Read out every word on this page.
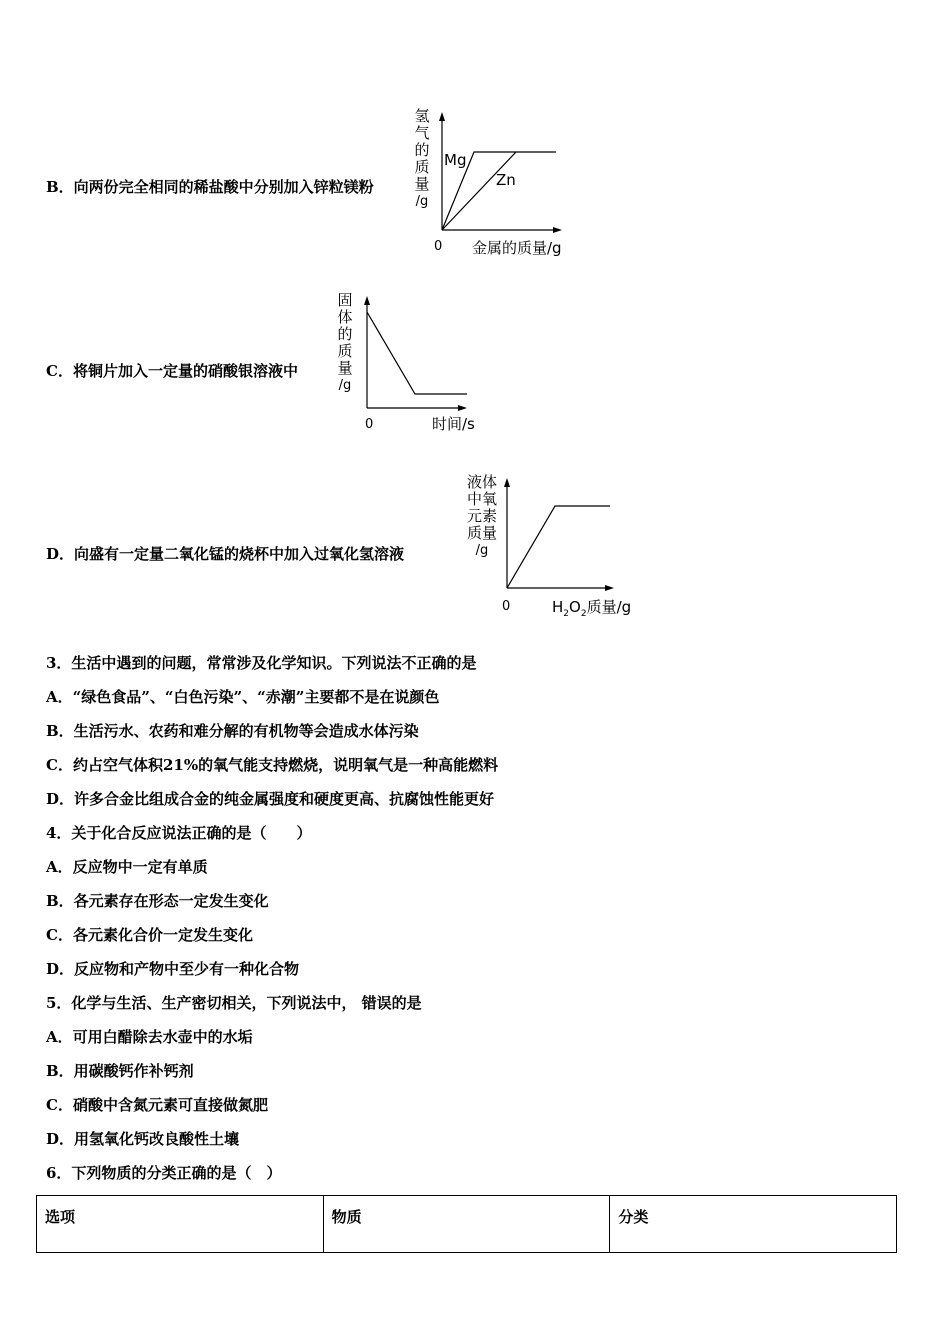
B．向两份完全相同的稀盐酸中分别加入锌粒镁粉
氢
气
的
质
量
/g
Mg
Zn
0 金属的质量/g
C．将铜片加入一定量的硝酸银溶液中
固
体
的
质
量
/g
0	时间/s
D．向盛有一定量二氧化锰的烧杯中加入过氧化氢溶液
液体
中氧
元素
质量
/g
0	$H_2O_2$质量/g
3．生活中遇到的问题，常常涉及化学知识。下列说法不正确的是
A．“绿色食品”、“白色污染”、“赤潮”主要都不是在说颜色
B．生活污水、农药和难分解的有机物等会造成水体污染
C．约占空气体积21%的氧气能支持燃烧，说明氧气是一种高能燃料
D．许多合金比组成合金的纯金属强度和硬度更高、抗腐蚀性能更好
4．关于化合反应说法正确的是（　　）
A．反应物中一定有单质
B．各元素存在形态一定发生变化
C．各元素化合价一定发生变化
D．反应物和产物中至少有一种化合物
5．化学与生活、生产密切相关，下列说法中， 错误的是
A．可用白醋除去水壶中的水垢
B．用碳酸钙作补钙剂
C．硝酸中含氮元素可直接做氮肥
D．用氢氧化钙改良酸性土壤
6．下列物质的分类正确的是（　）
选项	物质	分类
